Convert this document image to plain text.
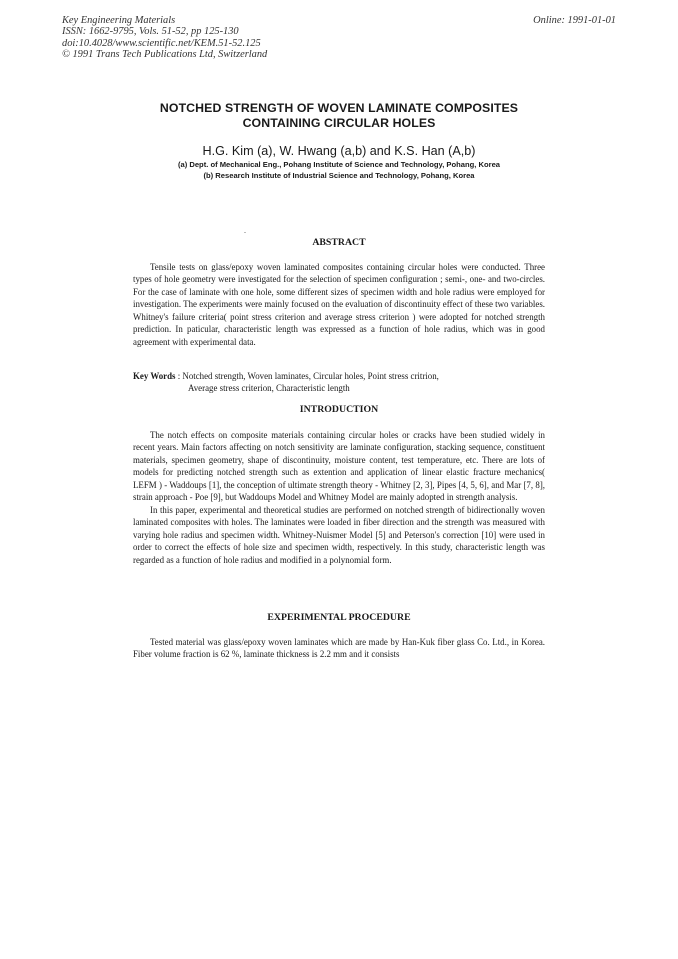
Key Engineering Materials
ISSN: 1662-9795, Vols. 51-52, pp 125-130
doi:10.4028/www.scientific.net/KEM.51-52.125
© 1991 Trans Tech Publications Ltd, Switzerland
Online: 1991-01-01
NOTCHED STRENGTH OF WOVEN LAMINATE COMPOSITES
CONTAINING CIRCULAR HOLES
H.G. Kim (a), W. Hwang (a,b) and K.S. Han (A,b)
(a) Dept. of Mechanical Eng., Pohang Institute of Science and Technology, Pohang, Korea
(b) Research Institute of Industrial Science and Technology, Pohang, Korea
ABSTRACT

Tensile tests on glass/epoxy woven laminated composites containing circular holes were conducted. Three types of hole geometry were investigated for the selection of specimen configuration ; semi-, one- and two-circles. For the case of laminate with one hole, some different sizes of specimen width and hole radius were employed for investigation. The experiments were mainly focused on the evaluation of discontinuity effect of these two variables. Whitney's failure criteria( point stress criterion and average stress criterion ) were adopted for notched strength prediction. In paticular, characteristic length was expressed as a function of hole radius, which was in good agreement with experimental data.

Key Words : Notched strength, Woven laminates, Circular holes, Point stress critrion,
Average stress criterion, Characteristic length
INTRODUCTION

The notch effects on composite materials containing circular holes or cracks have been studied widely in recent years. Main factors affecting on notch sensitivity are laminate configuration, stacking sequence, constituent materials, specimen geometry, shape of discontinuity, moisture content, test temperature, etc. There are lots of models for predicting notched strength such as extention and application of linear elastic fracture mechanics( LEFM ) - Waddoups [1], the conception of ultimate strength theory - Whitney [2, 3], Pipes [4, 5, 6], and Mar [7, 8], strain approach - Poe [9], but Waddoups Model and Whitney Model are mainly adopted in strength analysis.

In this paper, experimental and theoretical studies are performed on notched strength of bidirectionally woven laminated composites with holes. The laminates were loaded in fiber direction and the strength was measured with varying hole radius and specimen width. Whitney-Nuismer Model [5] and Peterson's correction [10] were used in order to correct the effects of hole size and specimen width, respectively. In this study, characteristic length was regarded as a function of hole radius and modified in a polynomial form.

EXPERIMENTAL PROCEDURE

Tested material was glass/epoxy woven laminates which are made by Han-Kuk fiber glass Co. Ltd., in Korea. Fiber volume fraction is 62 %, laminate thickness is 2.2 mm and it consists
